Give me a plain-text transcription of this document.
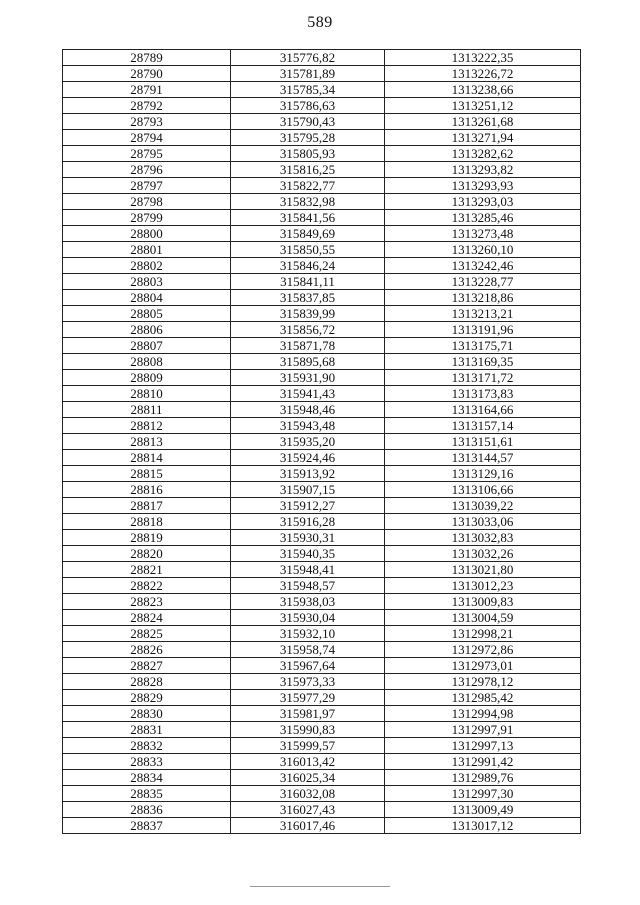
589
28789	315776,82	1313222,35
28790	315781,89	1313226,72
28791	315785,34	1313238,66
28792	315786,63	1313251,12
28793	315790,43	1313261,68
28794	315795,28	1313271,94
28795	315805,93	1313282,62
28796	315816,25	1313293,82
28797	315822,77	1313293,93
28798	315832,98	1313293,03
28799	315841,56	1313285,46
28800	315849,69	1313273,48
28801	315850,55	1313260,10
28802	315846,24	1313242,46
28803	315841,11	1313228,77
28804	315837,85	1313218,86
28805	315839,99	1313213,21
28806	315856,72	1313191,96
28807	315871,78	1313175,71
28808	315895,68	1313169,35
28809	315931,90	1313171,72
28810	315941,43	1313173,83
28811	315948,46	1313164,66
28812	315943,48	1313157,14
28813	315935,20	1313151,61
28814	315924,46	1313144,57
28815	315913,92	1313129,16
28816	315907,15	1313106,66
28817	315912,27	1313039,22
28818	315916,28	1313033,06
28819	315930,31	1313032,83
28820	315940,35	1313032,26
28821	315948,41	1313021,80
28822	315948,57	1313012,23
28823	315938,03	1313009,83
28824	315930,04	1313004,59
28825	315932,10	1312998,21
28826	315958,74	1312972,86
28827	315967,64	1312973,01
28828	315973,33	1312978,12
28829	315977,29	1312985,42
28830	315981,97	1312994,98
28831	315990,83	1312997,91
28832	315999,57	1312997,13
28833	316013,42	1312991,42
28834	316025,34	1312989,76
28835	316032,08	1312997,30
28836	316027,43	1313009,49
28837	316017,46	1313017,12
